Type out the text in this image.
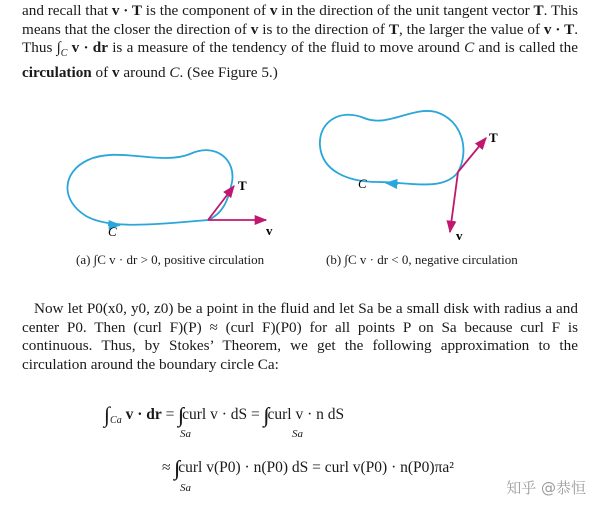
and recall that v · T is the component of v in the direction of the unit tangent vector T. This means that the closer the direction of v is to the direction of T, the larger the value of v · T. Thus $\int_C$ v · dr is a measure of the tendency of the fluid to move around C and is called the circulation of v around C. (See Figure 5.)
T
v
C
T
v
C
(a) ∫C v · dr > 0, positive circulation	(b) ∫C v · dr < 0, negative circulation
Now let P0(x0, y0, z0) be a point in the fluid and let Sa be a small disk with radius a and center P0. Then (curl F)(P) ≈ (curl F)(P0) for all points P on Sa because curl F is continuous. Thus, by Stokes’ Theorem, we get the following approximation to the circulation around the boundary circle Ca:
$\int_{Ca}$ v · dr = curl v · dS = curl v · n dS
Sa	Sa
≈ curl v(P0) · n(P0) dS = curl v(P0) · n(P0)πa²
Sa	知乎 @恭恒
